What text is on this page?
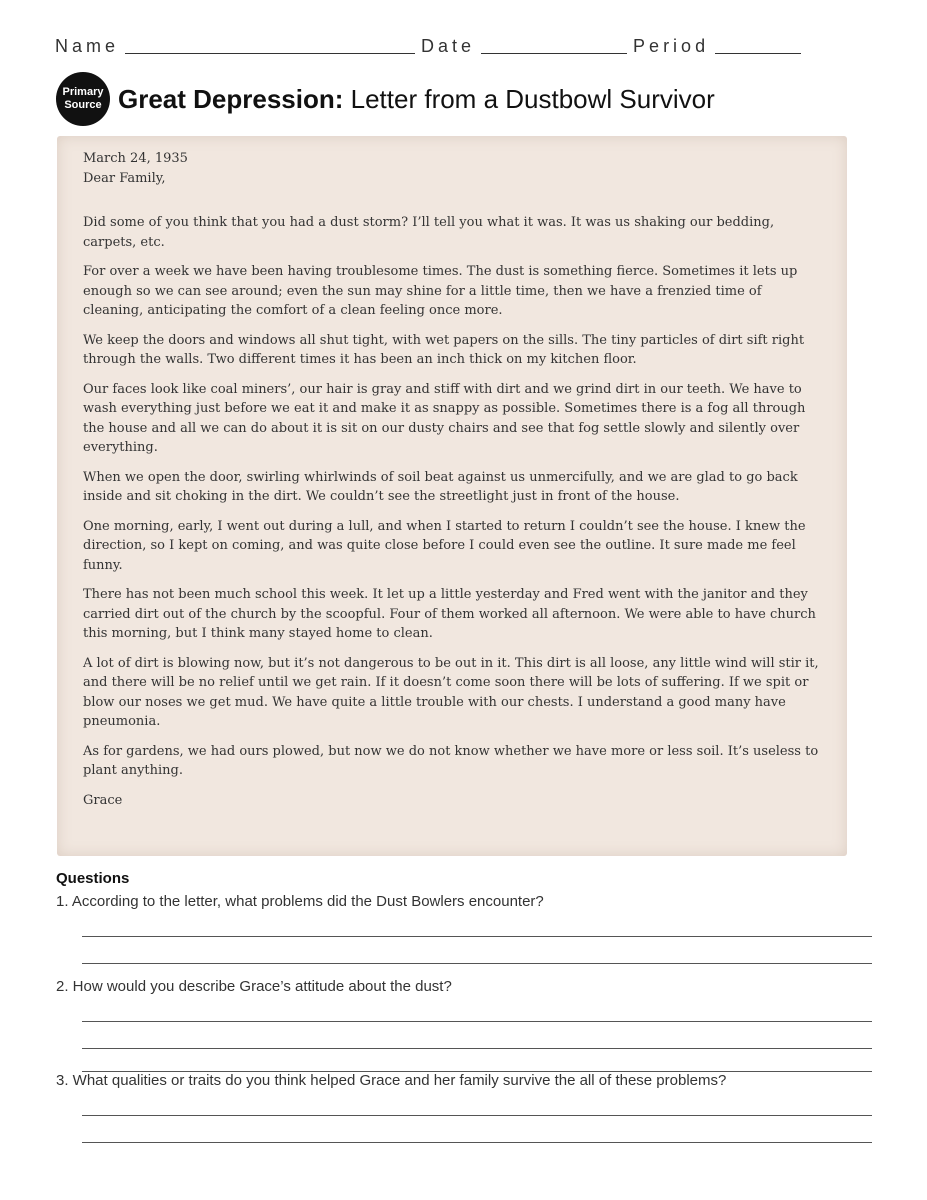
Name	Date	Period
Primary
Source Great Depression: Letter from a Dustbowl Survivor

March 24, 1935

Dear Family,

Did some of you think that you had a dust storm? I’ll tell you what it was. It was us shaking our bedding, carpets, etc.

For over a week we have been having troublesome times. The dust is something fierce. Sometimes it lets up enough so we can see around; even the sun may shine for a little time, then we have a frenzied time of cleaning, anticipating the comfort of a clean feeling once more.

We keep the doors and windows all shut tight, with wet papers on the sills. The tiny particles of dirt sift right through the walls. Two different times it has been an inch thick on my kitchen floor.

Our faces look like coal miners’, our hair is gray and stiff with dirt and we grind dirt in our teeth. We have to wash everything just before we eat it and make it as snappy as possible. Sometimes there is a fog all through the house and all we can do about it is sit on our dusty chairs and see that fog settle slowly and silently over everything.

When we open the door, swirling whirlwinds of soil beat against us unmercifully, and we are glad to go back inside and sit choking in the dirt. We couldn’t see the streetlight just in front of the house.

One morning, early, I went out during a lull, and when I started to return I couldn’t see the house. I knew the direction, so I kept on coming, and was quite close before I could even see the outline. It sure made me feel funny.

There has not been much school this week. It let up a little yesterday and Fred went with the janitor and they carried dirt out of the church by the scoopful. Four of them worked all afternoon. We were able to have church this morning, but I think many stayed home to clean.

A lot of dirt is blowing now, but it’s not dangerous to be out in it. This dirt is all loose, any little wind will stir it, and there will be no relief until we get rain. If it doesn’t come soon there will be lots of suffering. If we spit or blow our noses we get mud. We have quite a little trouble with our chests. I understand a good many have pneumonia.

As for gardens, we had ours plowed, but now we do not know whether we have more or less soil. It’s useless to plant anything.

Grace

Questions
1. According to the letter, what problems did the Dust Bowlers encounter?
2. How would you describe Grace’s attitude about the dust?
3. What qualities or traits do you think helped Grace and her family survive the all of these problems?
